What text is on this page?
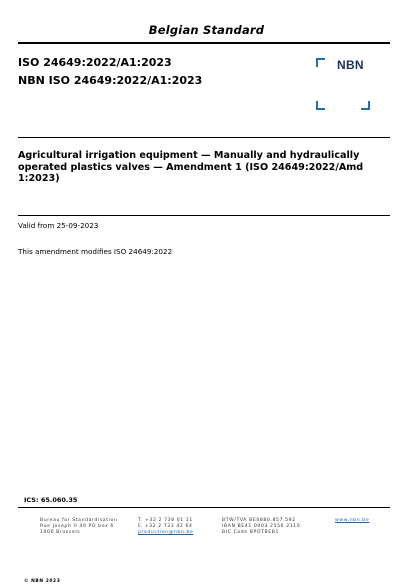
Belgian Standard
ISO 24649:2022/A1:2023
NBN ISO 24649:2022/A1:2023
NBN
Agricultural irrigation equipment — Manually and hydraulically operated plastics valves — Amendment 1 (ISO 24649:2022/Amd 1:2023)
Valid from 25-09-2023
This amendment modifies ISO 24649:2022
ICS: 65.060.35
Bureau for Standardisation
Rue Joseph II 40 PO box 6
1000 Brussels
T. +32 2 738 01 11
F. +32 2 733 42 64
production@nbn.be
BTW/TVA BE0880.857.592
IBAN BE41 0003 2556 2110
BIC Code BPOTBEB1
www.nbn.be
© NBN 2023
